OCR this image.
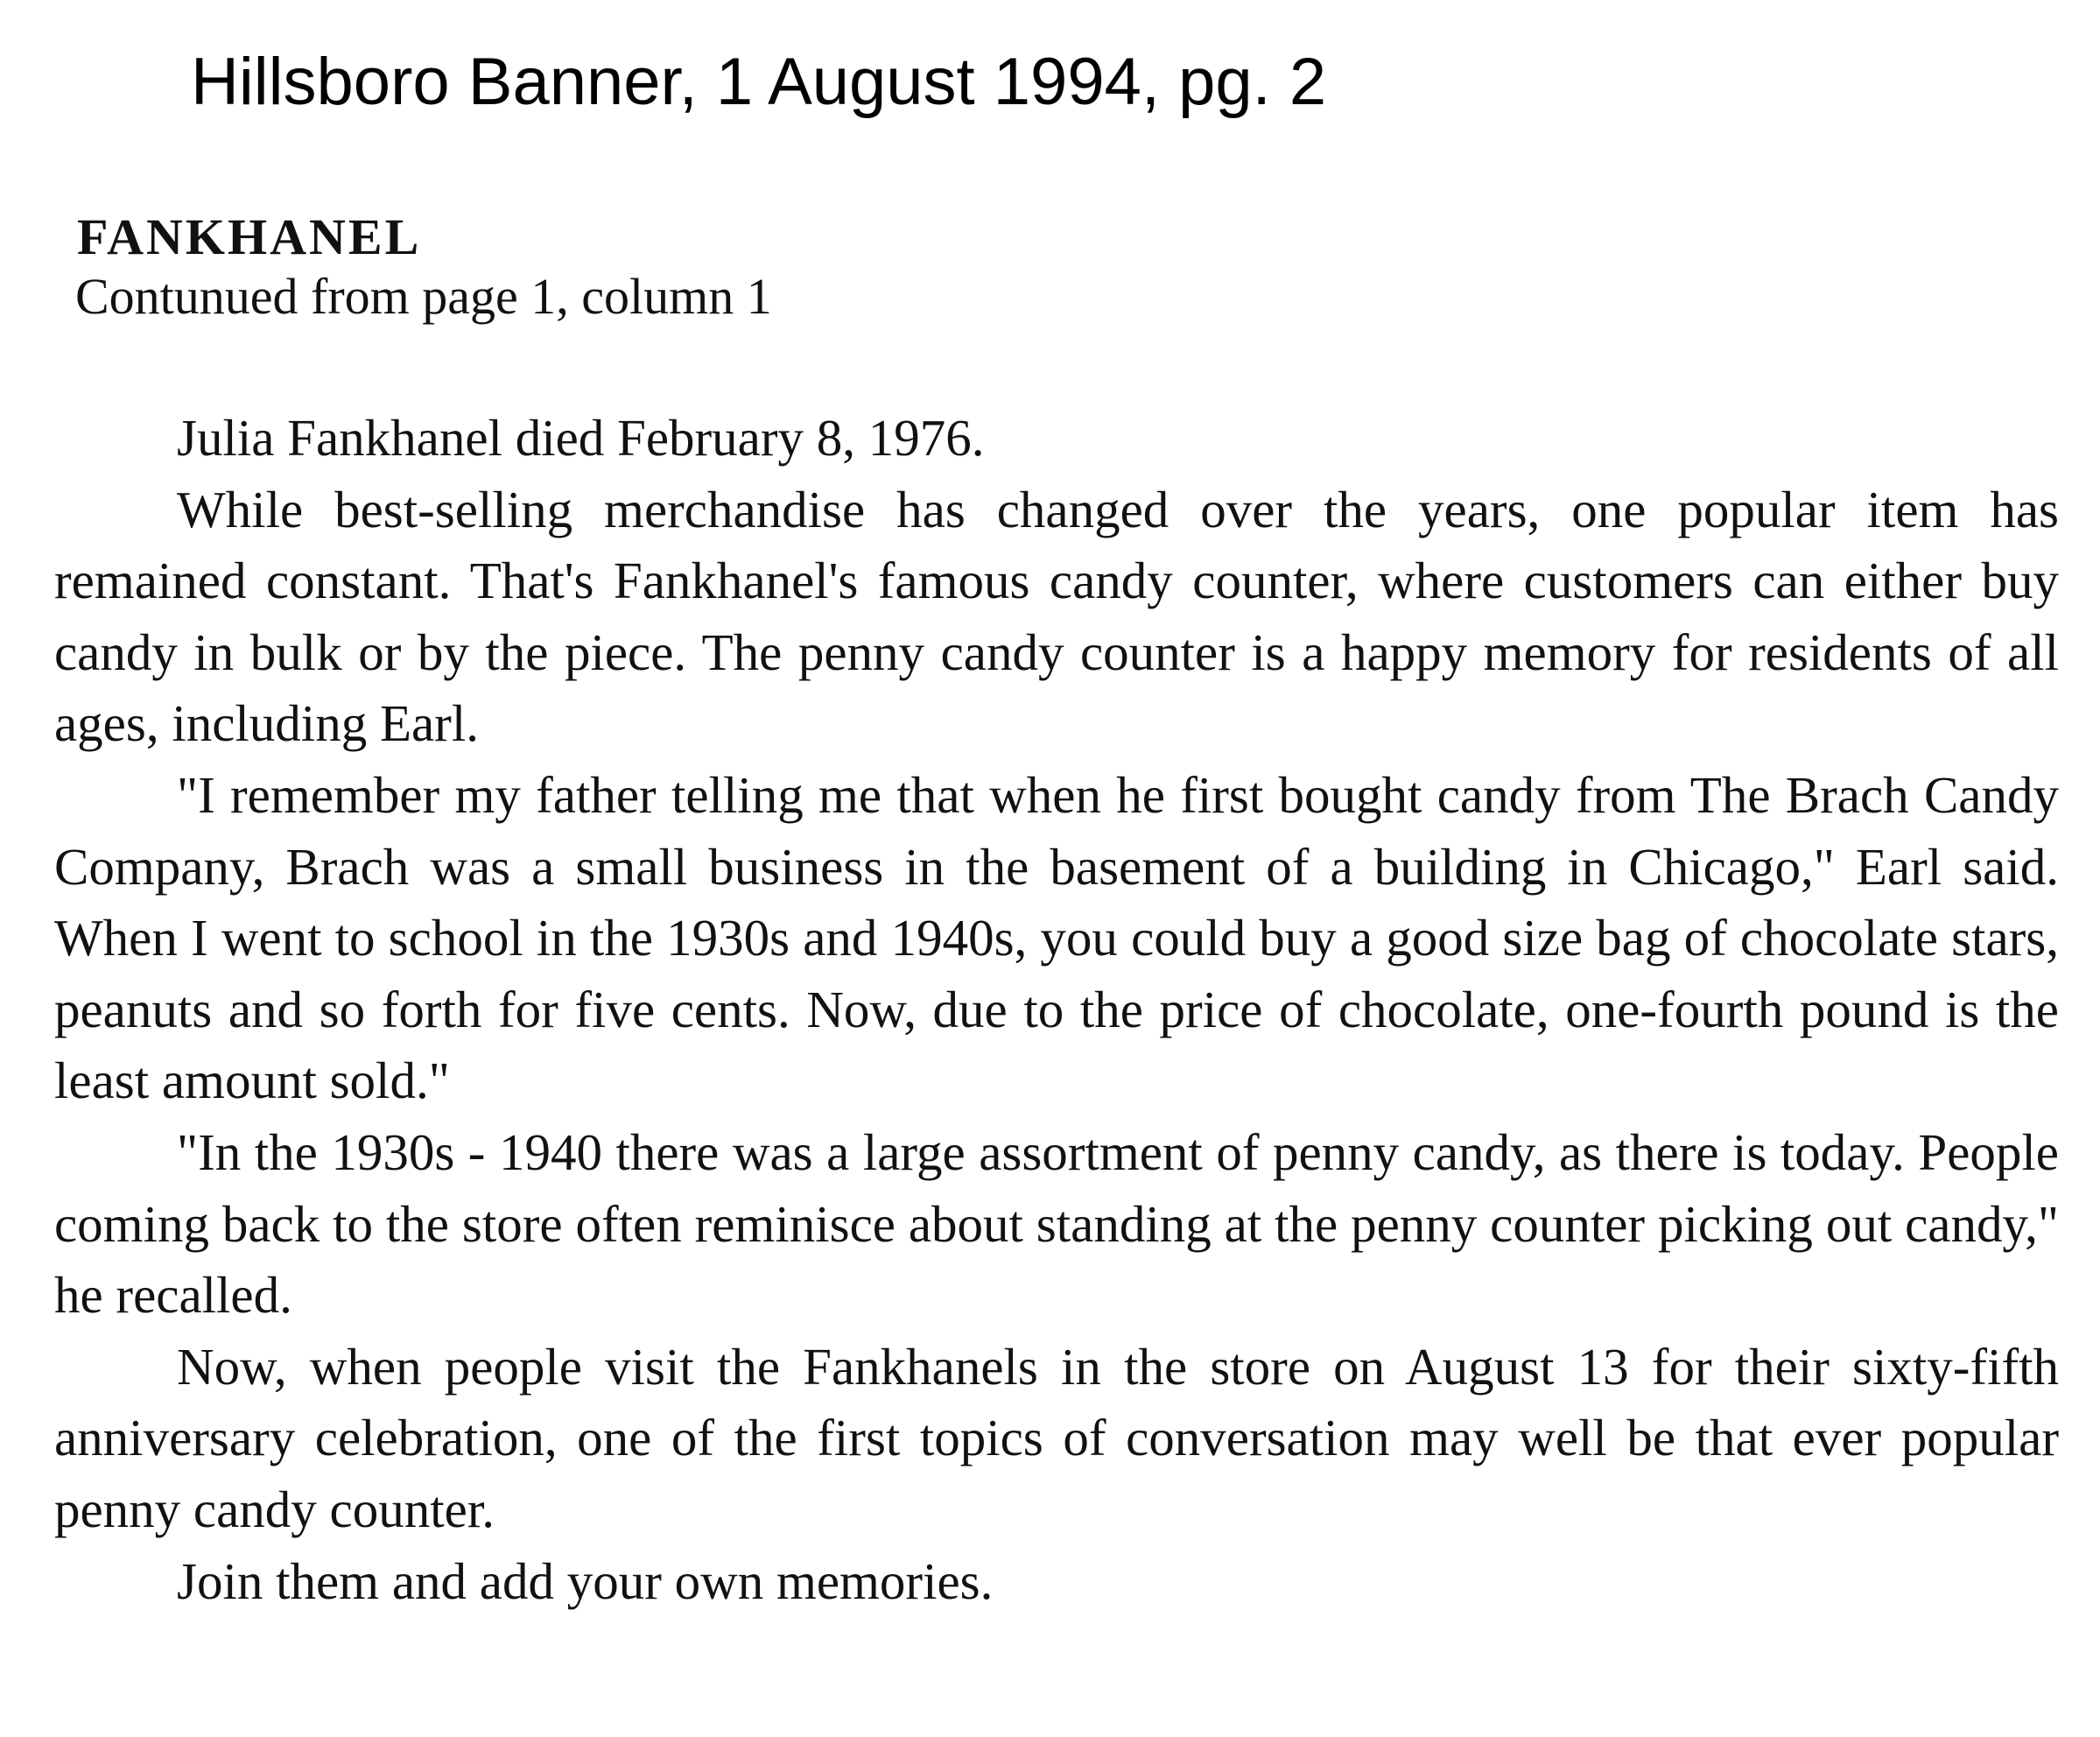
Hillsboro Banner, 1 August 1994, pg. 2
FANKHANEL

Contunued from page 1, column 1

Julia Fankhanel died February 8, 1976.

While best-selling merchandise has changed over the years, one popular item has remained constant. That's Fankhanel's famous candy counter, where customers can either buy candy in bulk or by the piece. The penny candy counter is a happy memory for residents of all ages, including Earl.

"I remember my father telling me that when he first bought candy from The Brach Candy Company, Brach was a small business in the basement of a building in Chicago," Earl said. When I went to school in the 1930s and 1940s, you could buy a good size bag of chocolate stars, peanuts and so forth for five cents. Now, due to the price of chocolate, one-fourth pound is the least amount sold."

"In the 1930s - 1940 there was a large assortment of penny candy, as there is today. People coming back to the store often reminisce about standing at the penny counter picking out candy," he recalled.

Now, when people visit the Fankhanels in the store on August 13 for their sixty-fifth anniversary celebration, one of the first topics of conversation may well be that ever popular penny candy counter.

Join them and add your own memories.
